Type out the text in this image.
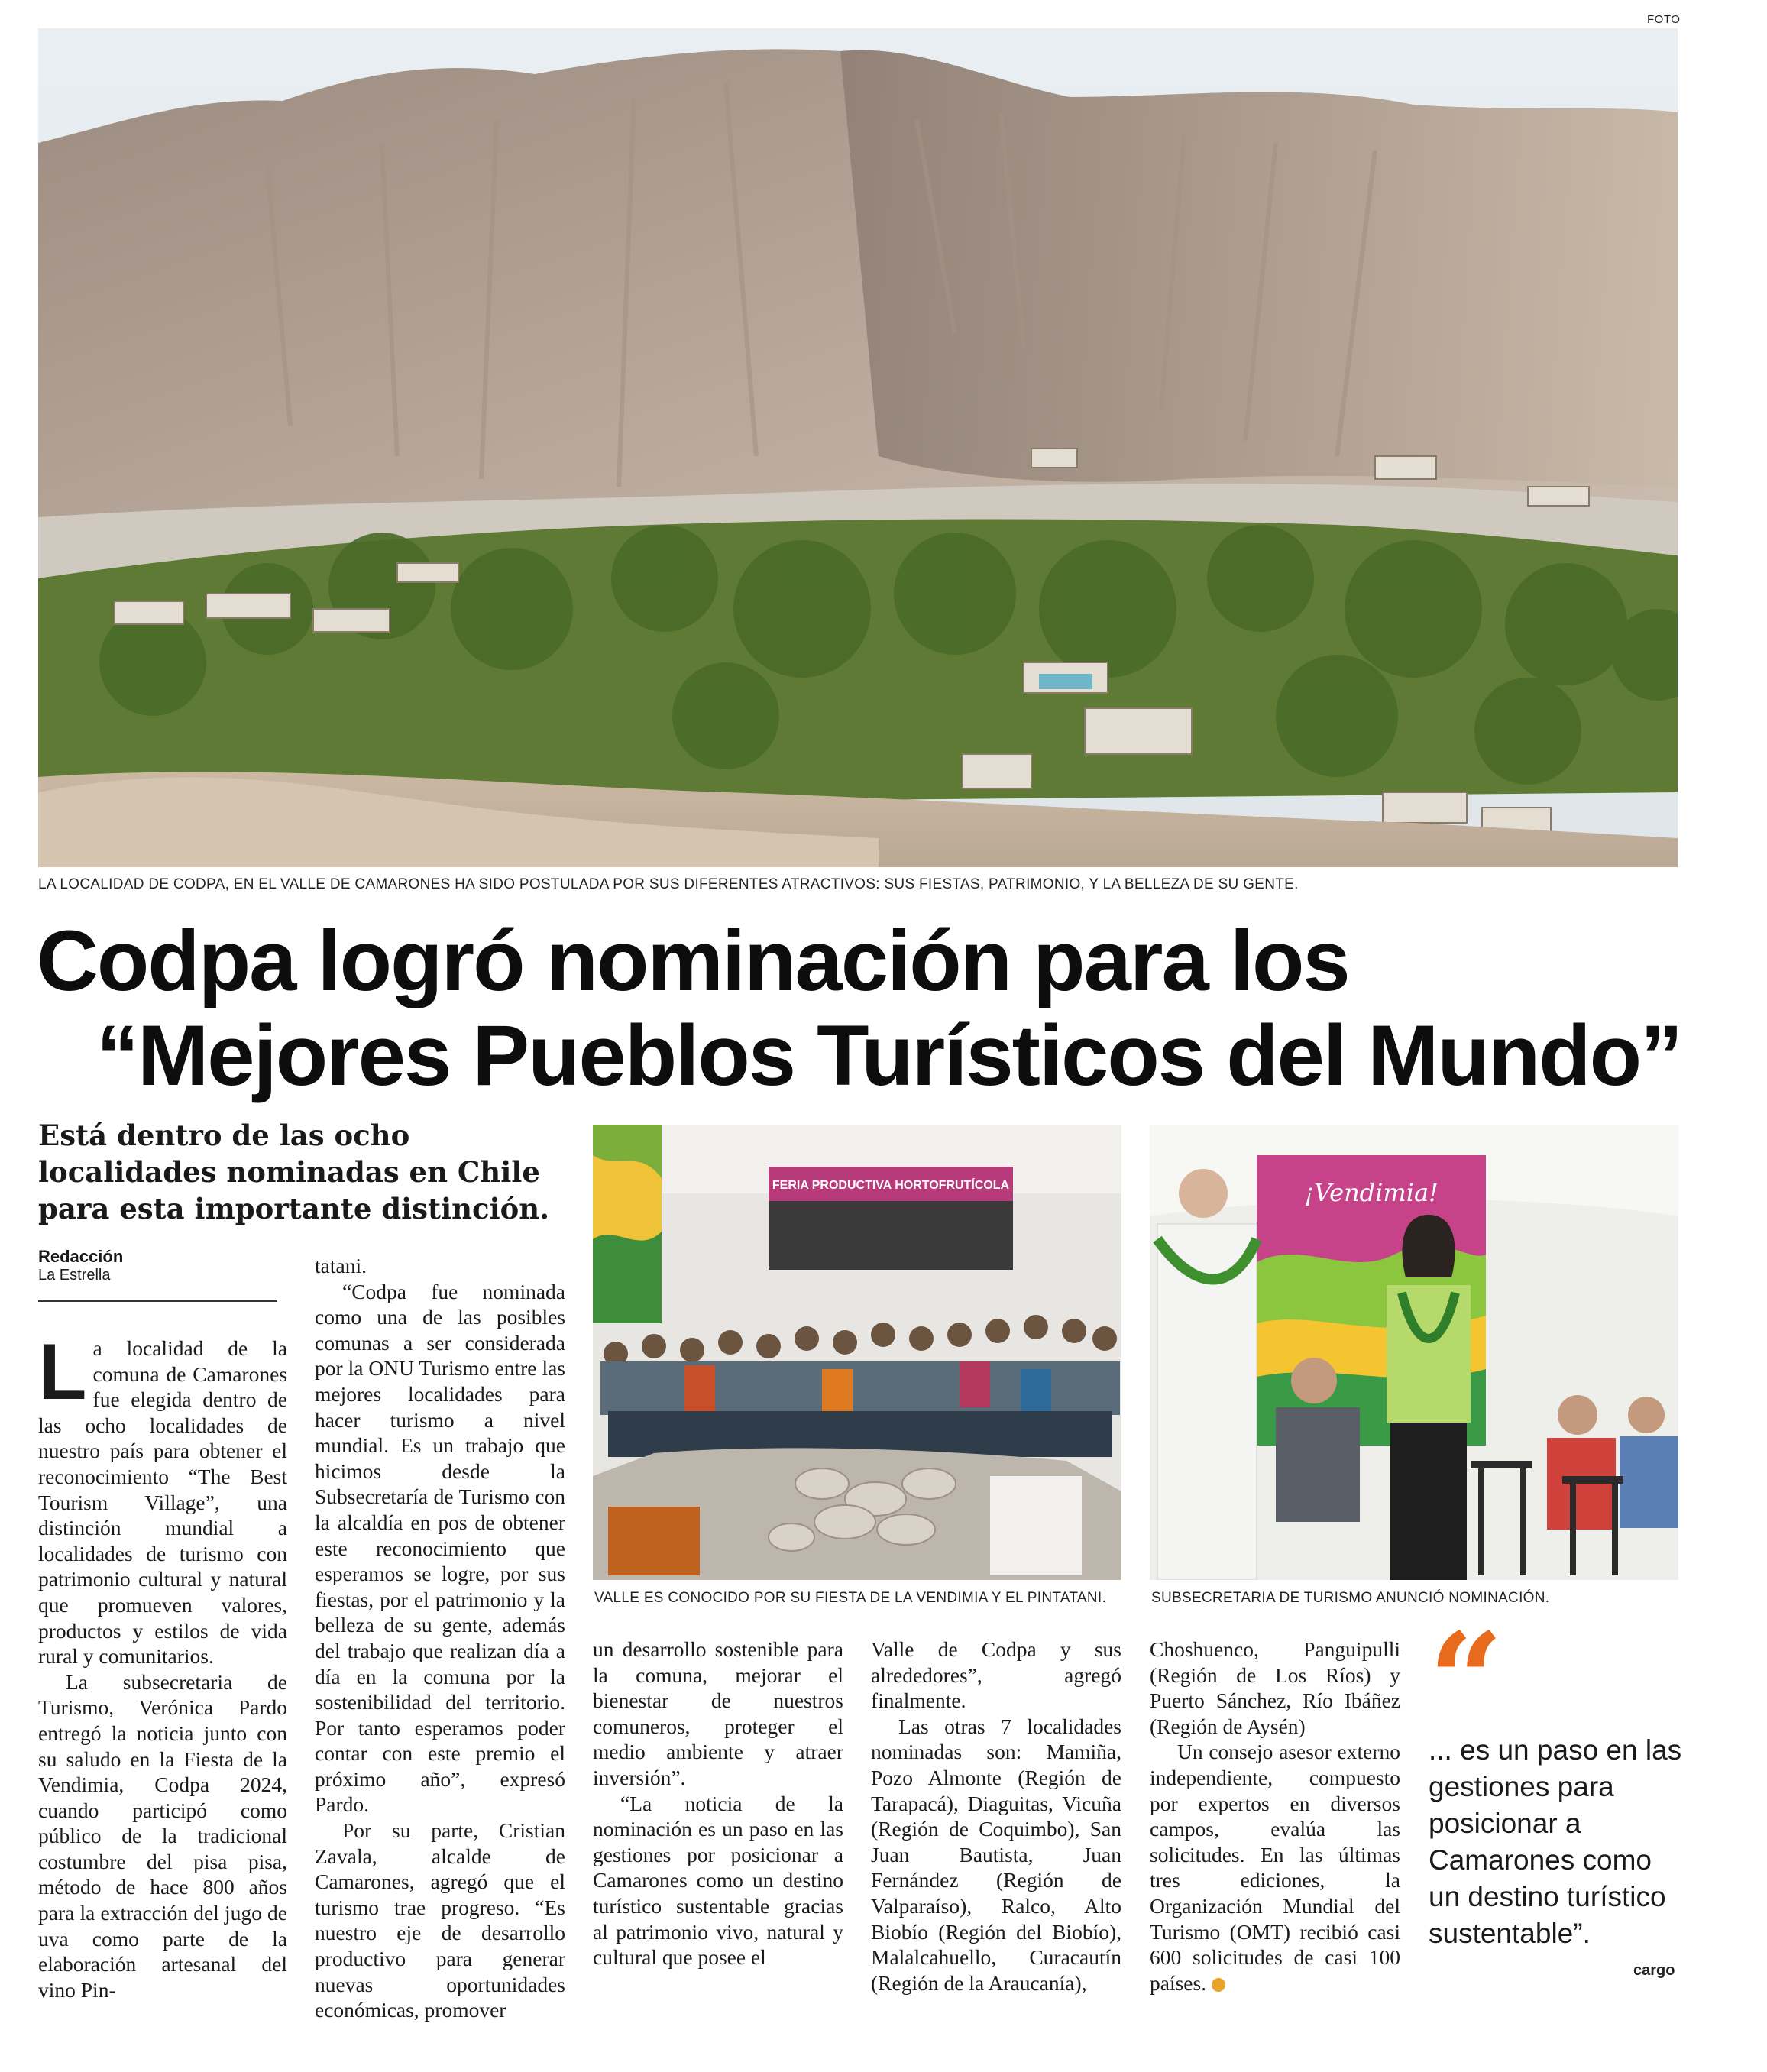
FOTO
LA LOCALIDAD DE CODPA, EN EL VALLE DE CAMARONES HA SIDO POSTULADA POR SUS DIFERENTES ATRACTIVOS: SUS FIESTAS, PATRIMONIO, Y LA BELLEZA DE SU GENTE.
Codpa logró nominación para los
“Mejores Pueblos Turísticos del Mundo”
Está dentro de las ocho localidades nominadas en Chile para esta importante distinción.
Redacción
La Estrella
FERIA PRODUCTIVA HORTOFRUTÍCOLA
VALLE ES CONOCIDO POR SU FIESTA DE LA VENDIMIA Y EL PINTATANI.
¡Vendimia!
SUBSECRETARIA DE TURISMO ANUNCIÓ NOMINACIÓN.

La localidad de la comuna de Camarones fue elegida dentro de las ocho localidades de nuestro país para obtener el reconocimiento “The Best Tourism Village”, una distinción mundial a localidades de turismo con patrimonio cultural y natural que promueven valores, productos y estilos de vida rural y comunitarios.

La subsecretaria de Turismo, Verónica Pardo entregó la noticia junto con su saludo en la Fiesta de la Vendimia, Codpa 2024, cuando participó como público de la tradicional costumbre del pisa pisa, método de hace 800 años para la extracción del jugo de uva como parte de la elaboración artesanal del vino Pin-

tatani.

“Codpa fue nominada como una de las posibles comunas a ser considerada por la ONU Turismo entre las mejores localidades para hacer turismo a nivel mundial. Es un trabajo que hicimos desde la Subsecretaría de Turismo con la alcaldía en pos de obtener este reconocimiento que esperamos se logre, por sus fiestas, por el patrimonio y la belleza de su gente, además del trabajo que realizan día a día en la comuna por la sostenibilidad del territorio. Por tanto esperamos poder contar con este premio el próximo año”, expresó Pardo.

Por su parte, Cristian Zavala, alcalde de Camarones, agregó que el turismo trae progreso. “Es nuestro eje de desarrollo productivo para generar nuevas oportunidades económicas, promover

un desarrollo sostenible para la comuna, mejorar el bienestar de nuestros comuneros, proteger el medio ambiente y atraer inversión”.

“La noticia de la nominación es un paso en las gestiones por posicionar a Camarones como un destino turístico sustentable gracias al patrimonio vivo, natural y cultural que posee el

Valle de Codpa y sus alrededores”, agregó finalmente.

Las otras 7 localidades nominadas son: Mamiña, Pozo Almonte (Región de Tarapacá), Diaguitas, Vicuña (Región de Coquimbo), San Juan Bautista, Juan Fernández (Región de Valparaíso), Ralco, Alto Biobío (Región del Biobío), Malalcahuello, Curacautín (Región de la Araucanía),

Choshuenco, Panguipulli (Región de Los Ríos) y Puerto Sánchez, Río Ibáñez (Región de Aysén)

Un consejo asesor externo independiente, compuesto por expertos en diversos campos, evalúa las solicitudes. En las últimas tres ediciones, la Organización Mundial del Turismo (OMT) recibió casi 600 solicitudes de casi 100 países.	✦

“
... es un paso en las gestiones para posicionar a Camarones como un destino turístico sustentable”.
cargo
